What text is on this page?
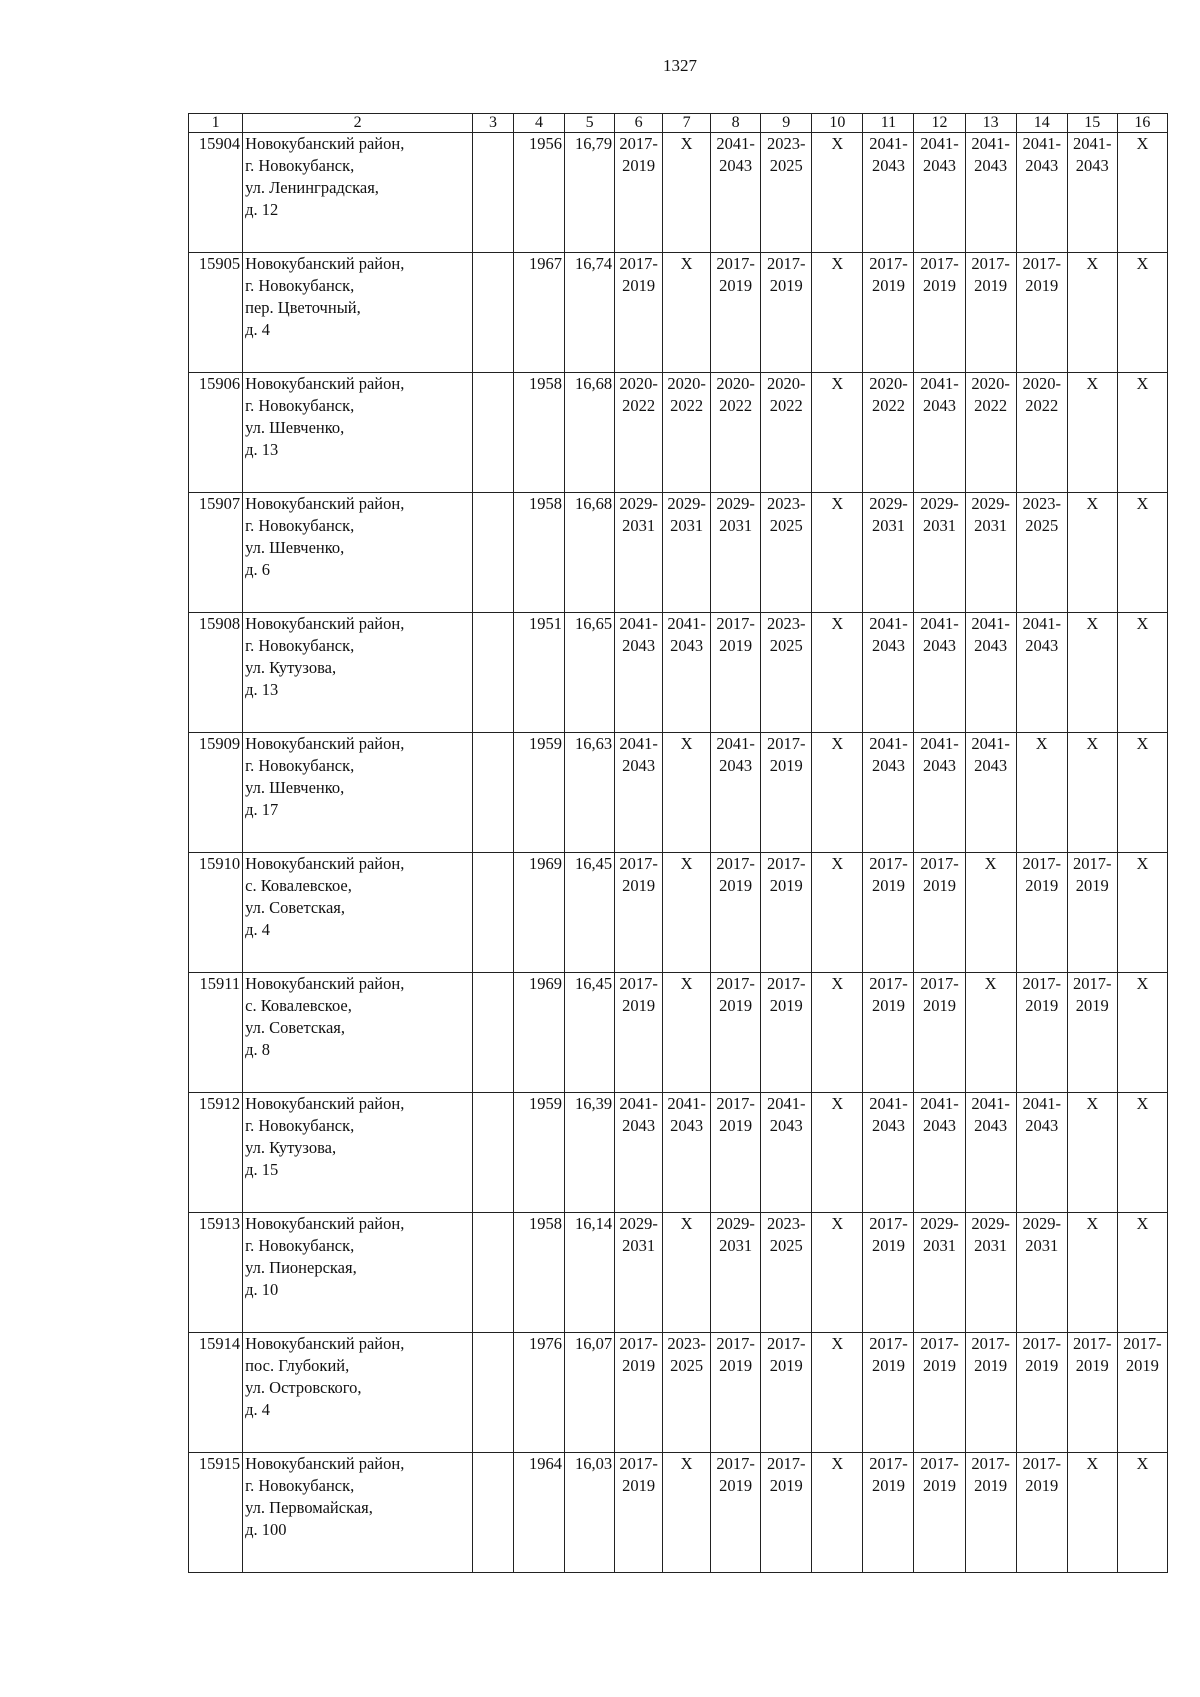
1327
1	2	3	4	5	6	7	8	9	10	11	12	13	14	15	16
15904	Новокубанский район,
г. Новокубанск,
ул. Ленинградская,
д. 12		1956	16,79	2017-
2019	Х	2041-
2043	2023-
2025	Х	2041-
2043	2041-
2043	2041-
2043	2041-
2043	2041-
2043	Х
15905	Новокубанский район,
г. Новокубанск,
пер. Цветочный,
д. 4		1967	16,74	2017-
2019	Х	2017-
2019	2017-
2019	Х	2017-
2019	2017-
2019	2017-
2019	2017-
2019	Х	Х
15906	Новокубанский район,
г. Новокубанск,
ул. Шевченко,
д. 13		1958	16,68	2020-
2022	2020-
2022	2020-
2022	2020-
2022	Х	2020-
2022	2041-
2043	2020-
2022	2020-
2022	Х	Х
15907	Новокубанский район,
г. Новокубанск,
ул. Шевченко,
д. 6		1958	16,68	2029-
2031	2029-
2031	2029-
2031	2023-
2025	Х	2029-
2031	2029-
2031	2029-
2031	2023-
2025	Х	Х
15908	Новокубанский район,
г. Новокубанск,
ул. Кутузова,
д. 13		1951	16,65	2041-
2043	2041-
2043	2017-
2019	2023-
2025	Х	2041-
2043	2041-
2043	2041-
2043	2041-
2043	Х	Х
15909	Новокубанский район,
г. Новокубанск,
ул. Шевченко,
д. 17		1959	16,63	2041-
2043	Х	2041-
2043	2017-
2019	Х	2041-
2043	2041-
2043	2041-
2043	Х	Х	Х
15910	Новокубанский район,
с. Ковалевское,
ул. Советская,
д. 4		1969	16,45	2017-
2019	Х	2017-
2019	2017-
2019	Х	2017-
2019	2017-
2019	Х	2017-
2019	2017-
2019	Х
15911	Новокубанский район,
с. Ковалевское,
ул. Советская,
д. 8		1969	16,45	2017-
2019	Х	2017-
2019	2017-
2019	Х	2017-
2019	2017-
2019	Х	2017-
2019	2017-
2019	Х
15912	Новокубанский район,
г. Новокубанск,
ул. Кутузова,
д. 15		1959	16,39	2041-
2043	2041-
2043	2017-
2019	2041-
2043	Х	2041-
2043	2041-
2043	2041-
2043	2041-
2043	Х	Х
15913	Новокубанский район,
г. Новокубанск,
ул. Пионерская,
д. 10		1958	16,14	2029-
2031	Х	2029-
2031	2023-
2025	Х	2017-
2019	2029-
2031	2029-
2031	2029-
2031	Х	Х
15914	Новокубанский район,
пос. Глубокий,
ул. Островского,
д. 4		1976	16,07	2017-
2019	2023-
2025	2017-
2019	2017-
2019	Х	2017-
2019	2017-
2019	2017-
2019	2017-
2019	2017-
2019	2017-
2019

15915	Новокубанский район,
г. Новокубанск,
ул. Первомайская,
д. 100		1964	16,03	2017-
2019	Х	2017-
2019	2017-
2019	Х	2017-
2019	2017-
2019	2017-
2019	2017-
2019	Х	Х
